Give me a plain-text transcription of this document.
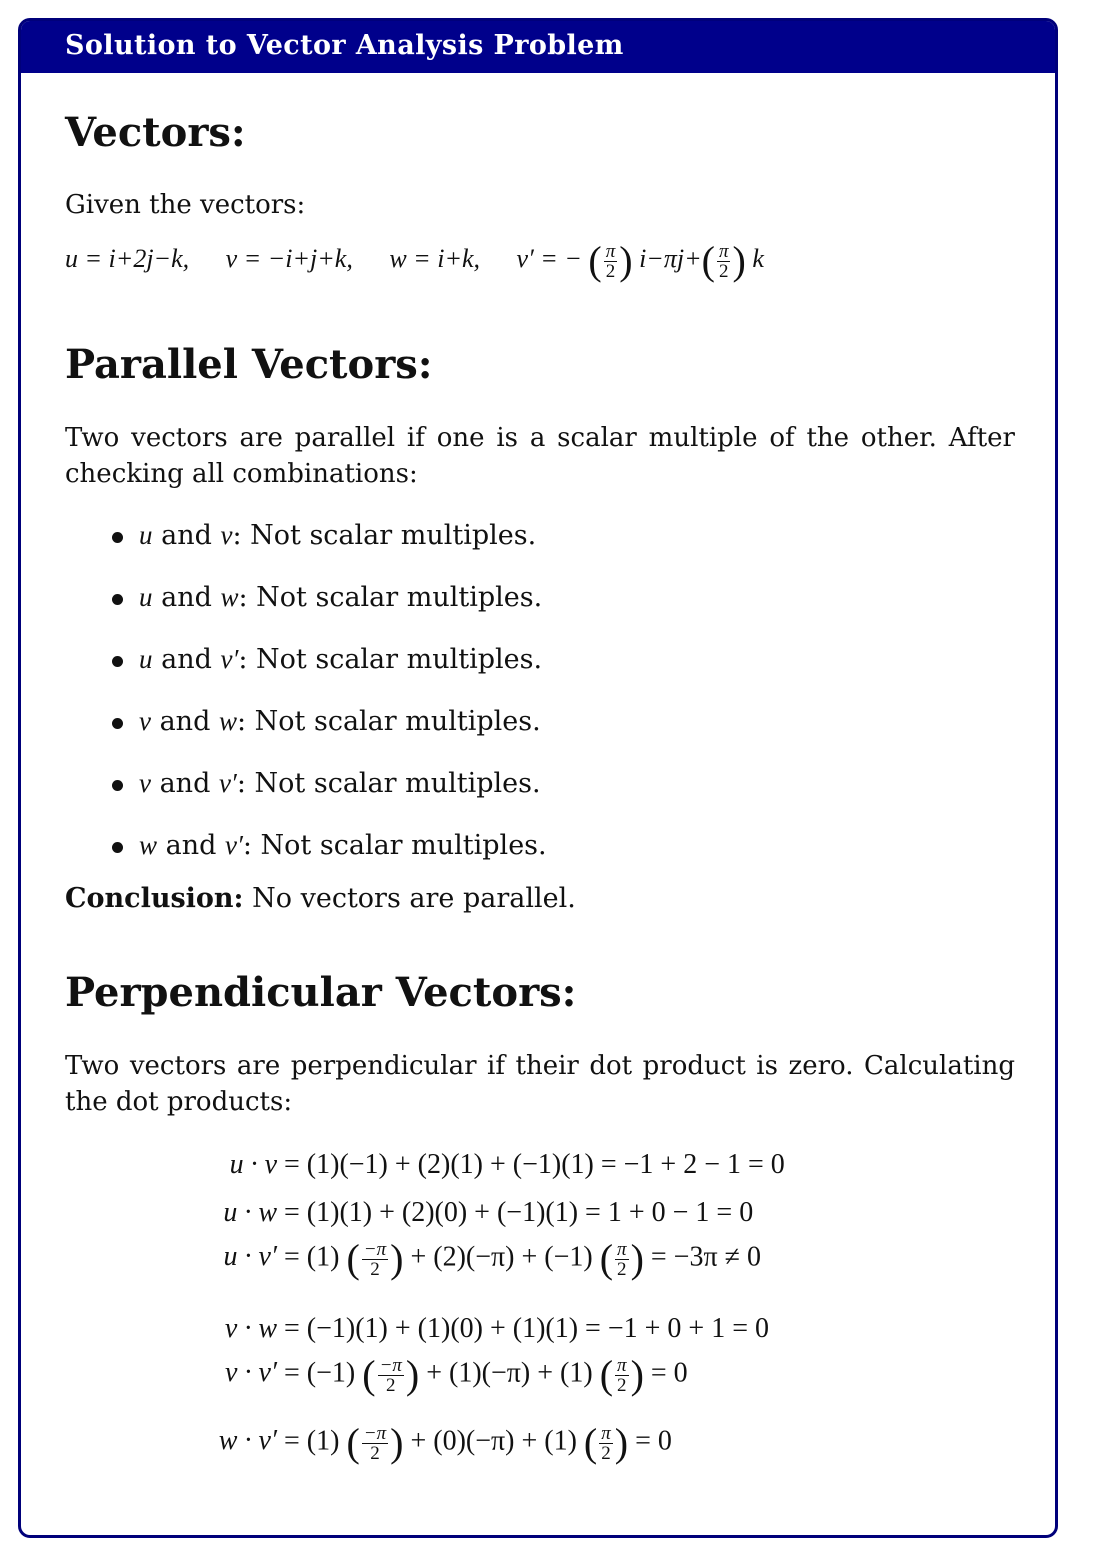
Solution to Vector Analysis Problem
Vectors:

Given the vectors:

u = i+2j−k, v = −i+j+k, w = i+k, v′ = − ( $\frac{\pi}{2}$ ) $i-\pi j+( \frac{\pi}{2}$ ) k
Parallel Vectors:

Two vectors are parallel if one is a scalar multiple of the other. After checking all combinations:

u and v: Not scalar multiples.
u and w: Not scalar multiples.
u and v′: Not scalar multiples.
v and w: Not scalar multiples.
v and v′: Not scalar multiples.
w and v′: Not scalar multiples.

Conclusion: No vectors are parallel.

Perpendicular Vectors:

Two vectors are perpendicular if their dot product is zero. Calculating the dot products:

u · v = (1)(−1) + (2)(1) + (−1)(1) = −1 + 2 − 1 = 0
u · w = (1)(1) + (2)(0) + (−1)(1) = 1 + 0 − 1 = 0
u · v′ = (1) ( $\frac{-\pi}{2}$ ) + (2)(−π) + (−1) ( $\frac{\pi}{2}$ ) = −3π ≠ 0
v · w = (−1)(1) + (1)(0) + (1)(1) = −1 + 0 + 1 = 0
v · v′ = (−1) ( $\frac{-\pi}{2}$ ) + (1)(−π) + (1) ( $\frac{\pi}{2}$ ) = 0
w · v′ = (1) ( $\frac{-\pi}{2}$ ) + (0)(−π) + (1) ( $\frac{\pi}{2}$ ) = 0
